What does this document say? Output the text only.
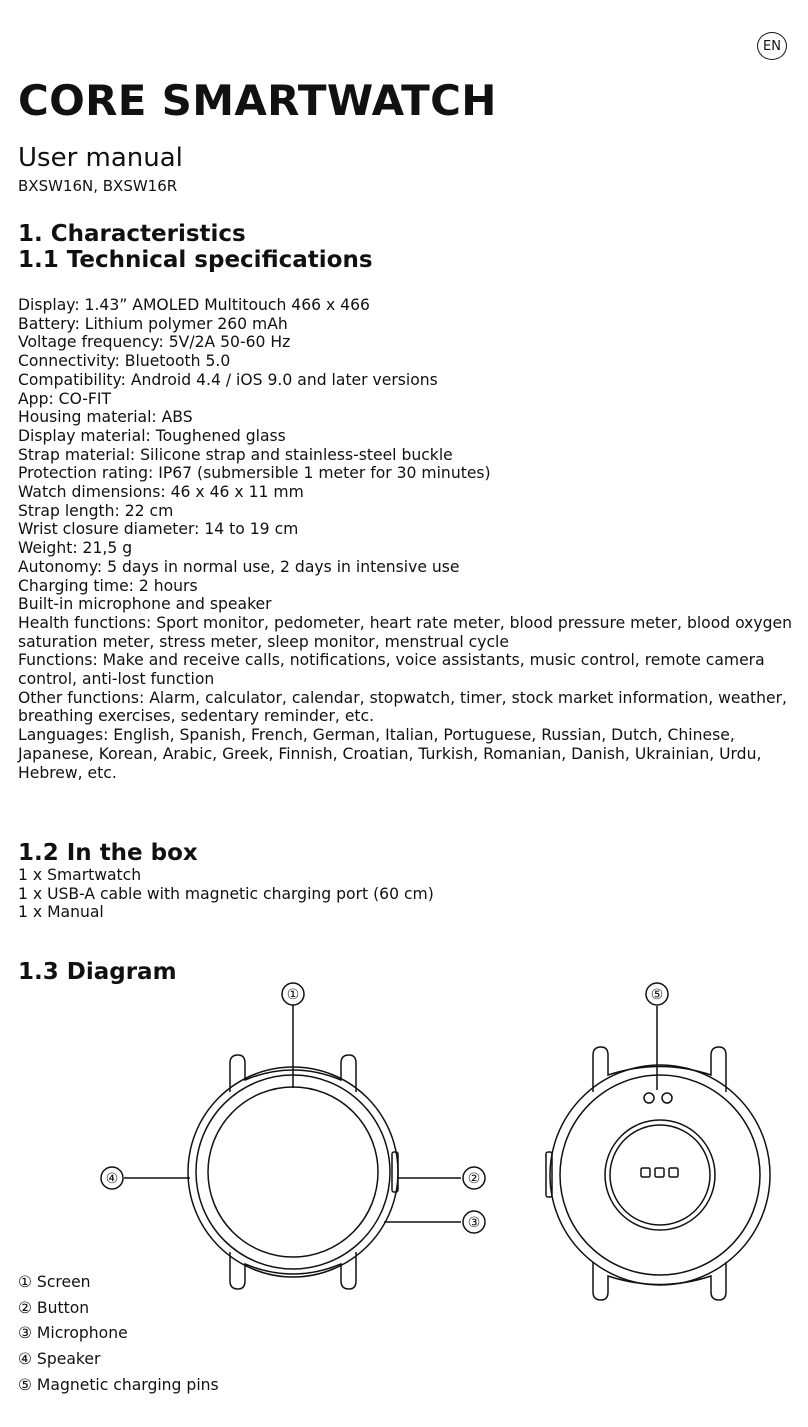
EN
CORE SMARTWATCH
User manual
BXSW16N, BXSW16R
1. Characteristics
1.1 Technical specifications
Display: 1.43” AMOLED Multitouch 466 x 466
Battery: Lithium polymer 260 mAh
Voltage frequency: 5V/2A 50-60 Hz
Connectivity: Bluetooth 5.0
Compatibility: Android 4.4 / iOS 9.0 and later versions
App: CO-FIT
Housing material: ABS
Display material: Toughened glass
Strap material: Silicone strap and stainless-steel buckle
Protection rating: IP67 (submersible 1 meter for 30 minutes)
Watch dimensions: 46 x 46 x 11 mm
Strap length: 22 cm
Wrist closure diameter: 14 to 19 cm
Weight: 21,5 g
Autonomy: 5 days in normal use, 2 days in intensive use
Charging time: 2 hours
Built-in microphone and speaker
Health functions: Sport monitor, pedometer, heart rate meter, blood pressure meter, blood oxygen saturation meter, stress meter, sleep monitor, menstrual cycle
Functions: Make and receive calls, notifications, voice assistants, music control, remote camera control, anti-lost function
Other functions: Alarm, calculator, calendar, stopwatch, timer, stock market information, weather, breathing exercises, sedentary reminder, etc.
Languages: English, Spanish, French, German, Italian, Portuguese, Russian, Dutch, Chinese, Japanese, Korean, Arabic, Greek, Finnish, Croatian, Turkish, Romanian, Danish, Ukrainian, Urdu, Hebrew, etc.
1.2 In the box
1 x Smartwatch
1 x USB-A cable with magnetic charging port (60 cm)
1 x Manual
1.3 Diagram
①
②
③
④
⑤
① Screen
② Button
③ Microphone
④ Speaker
⑤ Magnetic charging pins
